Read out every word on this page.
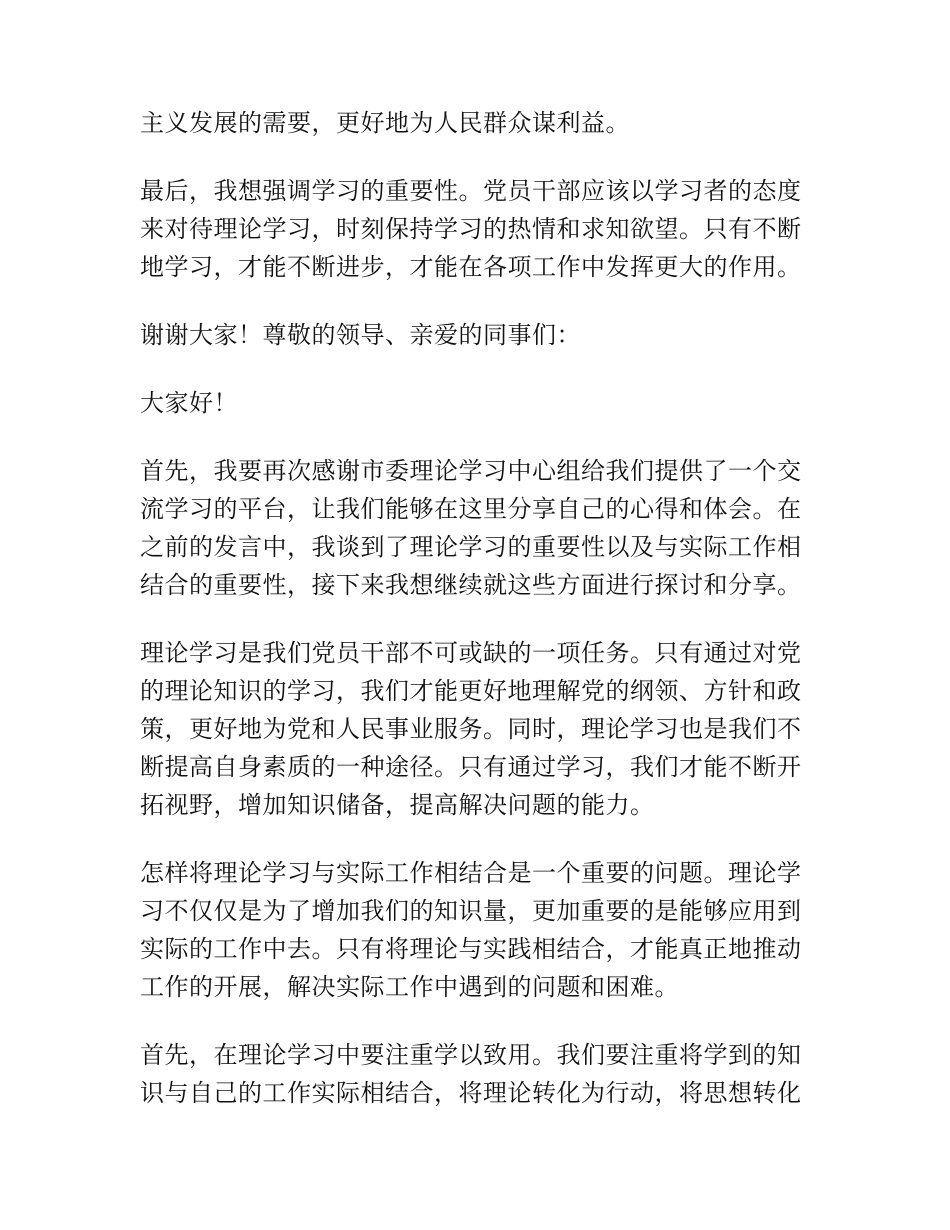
主义发展的需要，更好地为人民群众谋利益。

最后，我想强调学习的重要性。党员干部应该以学习者的态度
来对待理论学习，时刻保持学习的热情和求知欲望。只有不断
地学习，才能不断进步，才能在各项工作中发挥更大的作用。

谢谢大家！尊敬的领导、亲爱的同事们：

大家好！

首先，我要再次感谢市委理论学习中心组给我们提供了一个交
流学习的平台，让我们能够在这里分享自己的心得和体会。在
之前的发言中，我谈到了理论学习的重要性以及与实际工作相
结合的重要性，接下来我想继续就这些方面进行探讨和分享。

理论学习是我们党员干部不可或缺的一项任务。只有通过对党
的理论知识的学习，我们才能更好地理解党的纲领、方针和政
策，更好地为党和人民事业服务。同时，理论学习也是我们不
断提高自身素质的一种途径。只有通过学习，我们才能不断开
拓视野，增加知识储备，提高解决问题的能力。

怎样将理论学习与实际工作相结合是一个重要的问题。理论学
习不仅仅是为了增加我们的知识量，更加重要的是能够应用到
实际的工作中去。只有将理论与实践相结合，才能真正地推动
工作的开展，解决实际工作中遇到的问题和困难。

首先，在理论学习中要注重学以致用。我们要注重将学到的知
识与自己的工作实际相结合，将理论转化为行动，将思想转化
